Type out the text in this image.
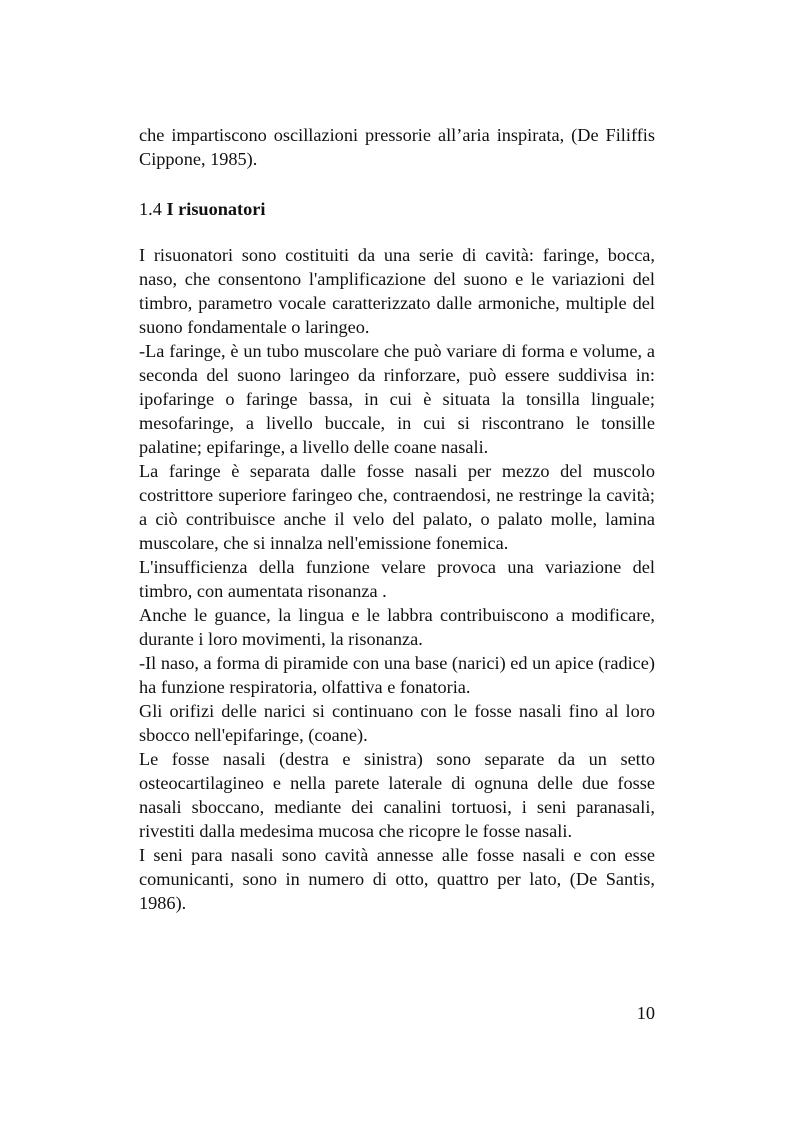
che impartiscono oscillazioni pressorie all’aria inspirata, (De Filiffis Cippone, 1985).

1.4 I risuonatori

I risuonatori sono costituiti da una serie di cavità: faringe, bocca, naso, che consentono l'amplificazione del suono e le variazioni del timbro, parametro vocale caratterizzato dalle armoniche, multiple del suono fondamentale o laringeo.

-La faringe, è un tubo muscolare che può variare di forma e volume, a seconda del suono laringeo da rinforzare, può essere suddivisa in: ipofaringe o faringe bassa, in cui è situata la tonsilla linguale; mesofaringe, a livello buccale, in cui si riscontrano le tonsille palatine; epifaringe, a livello delle coane nasali.

La faringe è separata dalle fosse nasali per mezzo del muscolo costrittore superiore faringeo che, contraendosi, ne restringe la cavità; a ciò contribuisce anche il velo del palato, o palato molle, lamina muscolare, che si innalza nell'emissione fonemica.

L'insufficienza della funzione velare provoca una variazione del timbro, con aumentata risonanza .

Anche le guance, la lingua e le labbra contribuiscono a modificare, durante i loro movimenti, la risonanza.

-Il naso, a forma di piramide con una base (narici) ed un apice (radice) ha funzione respiratoria, olfattiva e fonatoria.

Gli orifizi delle narici si continuano con le fosse nasali fino al loro sbocco nell'epifaringe, (coane).

Le fosse nasali (destra e sinistra) sono separate da un setto osteocartilagineo e nella parete laterale di ognuna delle due fosse nasali sboccano, mediante dei canalini tortuosi, i seni paranasali, rivestiti dalla medesima mucosa che ricopre le fosse nasali.

I seni para nasali sono cavità annesse alle fosse nasali e con esse comunicanti, sono in numero di otto, quattro per lato, (De Santis, 1986).

10
